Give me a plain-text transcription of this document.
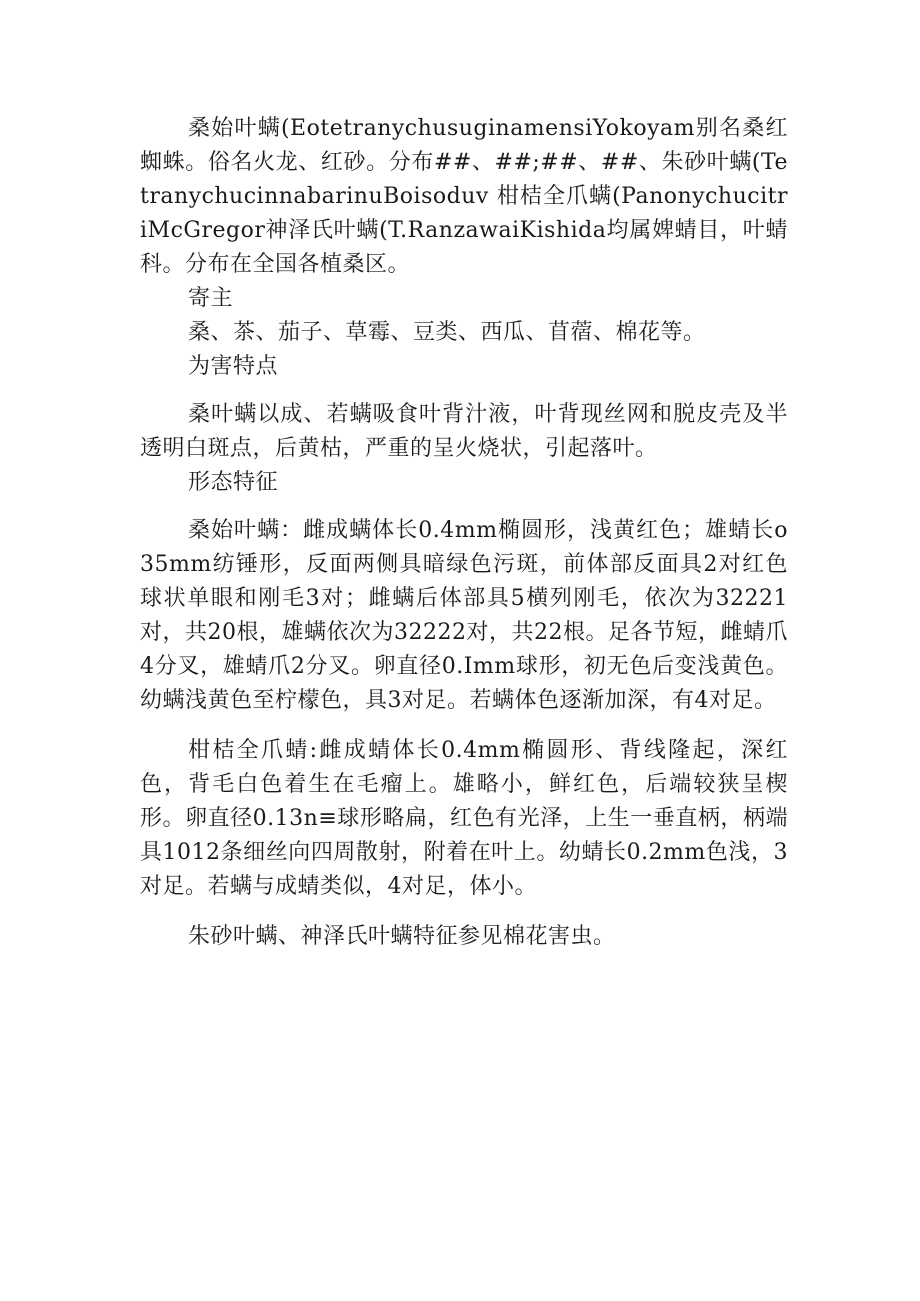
桑始叶螨(EotetranychusuginamensiYokoyam别名桑红蜘蛛。俗名火龙、红砂。分布##、##;##、##、朱砂叶螨(TetranychucinnabarinuBoisoduv 柑桔全爪螨(PanonychucitriMcGregor神泽氏叶螨(T.RanzawaiKishida均属婢蜻目，叶蜻科。分布在全国各植桑区。

寄主

桑、茶、茄子、草霉、豆类、西瓜、苜蓿、棉花等。

为害特点

桑叶螨以成、若螨吸食叶背汁液，叶背现丝网和脱皮壳及半透明白斑点，后黄枯，严重的呈火烧状，引起落叶。

形态特征

桑始叶螨：雌成螨体长0.4mm椭圆形，浅黄红色；雄蜻长o35mm纺锤形，反面两侧具暗绿色污斑，前体部反面具2对红色球状单眼和刚毛3对；雌螨后体部具5横列刚毛，依次为32221对，共20根，雄螨依次为32222对，共22根。足各节短，雌蜻爪4分叉，雄蜻爪2分叉。卵直径0.Imm球形，初无色后变浅黄色。幼螨浅黄色至柠檬色，具3对足。若螨体色逐渐加深，有4对足。

柑桔全爪蜻:雌成蜻体长0.4mm椭圆形、背线隆起，深红色，背毛白色着生在毛瘤上。雄略小，鲜红色，后端较狭呈楔形。卵直径0.13n≡球形略扁，红色有光泽，上生一垂直柄，柄端具1012条细丝向四周散射，附着在叶上。幼蜻长0.2mm色浅，3对足。若螨与成蜻类似，4对足，体小。

朱砂叶螨、神泽氏叶螨特征参见棉花害虫。
